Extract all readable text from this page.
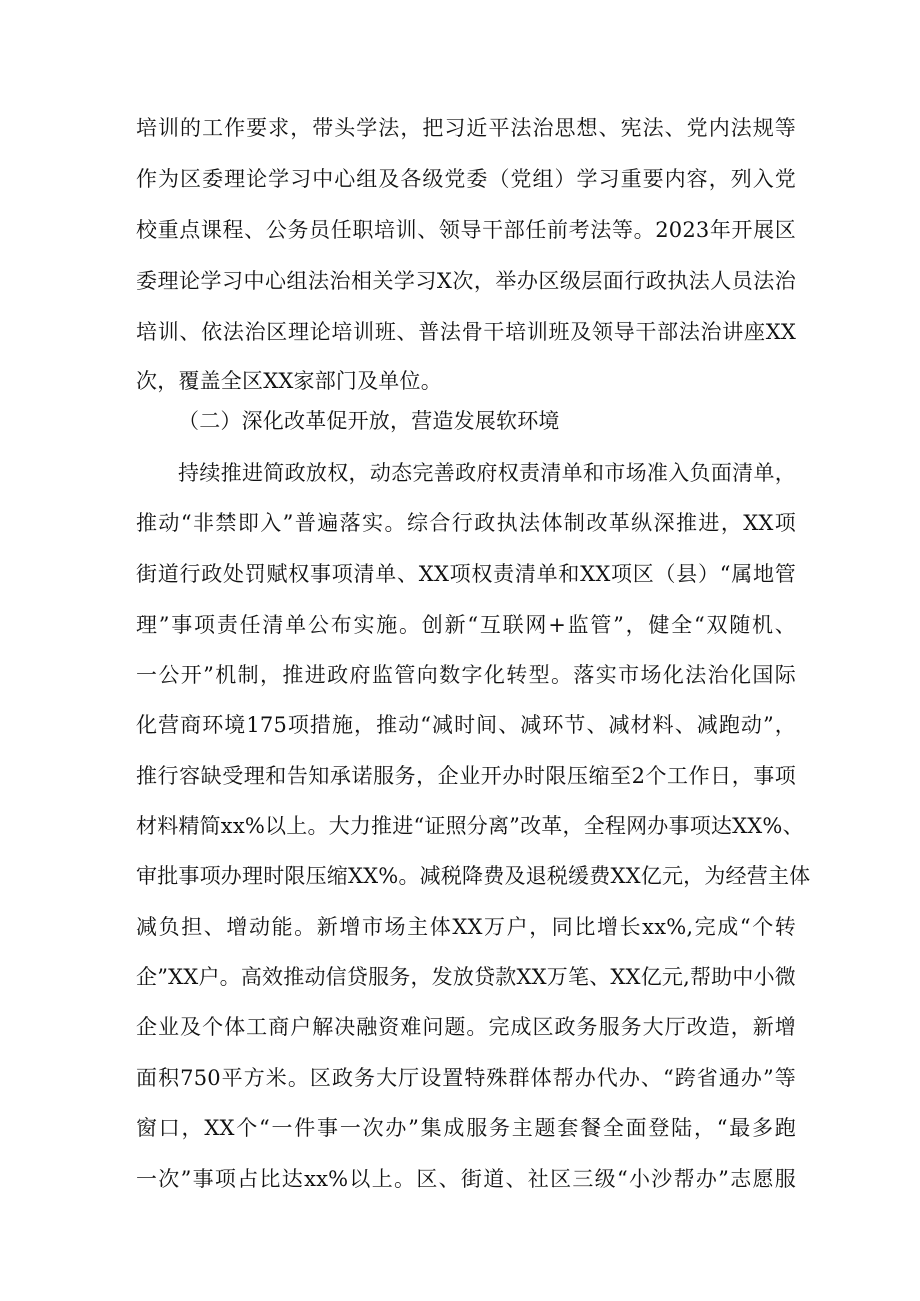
培训的工作要求，带头学法，把习近平法治思想、宪法、党内法规等
作为区委理论学习中心组及各级党委（党组）学习重要内容，列入党
校重点课程、公务员任职培训、领导干部任前考法等。2023年开展区
委理论学习中心组法治相关学习X次，举办区级层面行政执法人员法治
培训、依法治区理论培训班、普法骨干培训班及领导干部法治讲座XX
次，覆盖全区XX家部门及单位。
（二）深化改革促开放，营造发展软环境
持续推进简政放权，动态完善政府权责清单和市场准入负面清单，
推动“非禁即入”普遍落实。综合行政执法体制改革纵深推进，XX项
街道行政处罚赋权事项清单、XX项权责清单和XX项区（县）“属地管
理”事项责任清单公布实施。创新“互联网+监管”，健全“双随机、
一公开”机制，推进政府监管向数字化转型。落实市场化法治化国际
化营商环境175项措施，推动“减时间、减环节、减材料、减跑动”，
推行容缺受理和告知承诺服务，企业开办时限压缩至2个工作日，事项
材料精简xx%以上。大力推进“证照分离”改革，全程网办事项达XX%、
审批事项办理时限压缩XX%。减税降费及退税缓费XX亿元，为经营主体
减负担、增动能。新增市场主体XX万户，同比增长xx%,完成“个转
企”XX户。高效推动信贷服务，发放贷款XX万笔、XX亿元,帮助中小微
企业及个体工商户解决融资难问题。完成区政务服务大厅改造，新增
面积750平方米。区政务大厅设置特殊群体帮办代办、“跨省通办”等
窗口，XX个“一件事一次办”集成服务主题套餐全面登陆，“最多跑
一次”事项占比达xx%以上。区、街道、社区三级“小沙帮办”志愿服
